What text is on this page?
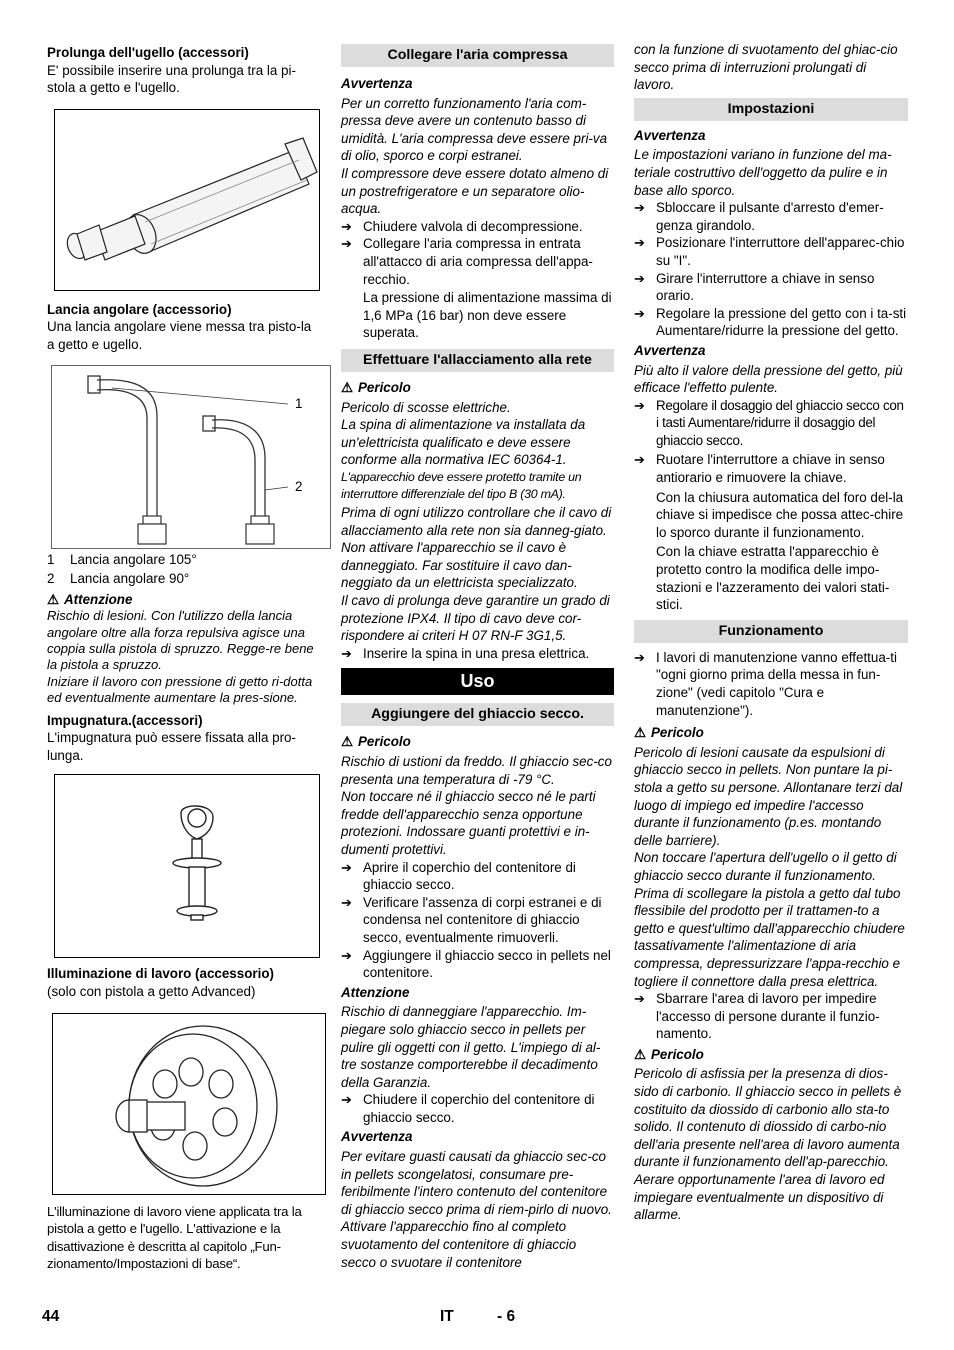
Prolunga dell'ugello (accessori)

E' possibile inserire una prolunga tra la pi-stola a getto e l'ugello.

Lancia angolare (accessorio)

Una lancia angolare viene messa tra pisto-la a getto e ugello.

1
2
1	Lancia angolare 105°
2	Lancia angolare 90°

⚠ Attenzione

Rischio di lesioni. Con l'utilizzo della lancia angolare oltre alla forza repulsiva agisce una coppia sulla pistola di spruzzo. Regge-re bene la pistola a spruzzo.

Iniziare il lavoro con pressione di getto ri-dotta ed eventualmente aumentare la pres-sione.

Impugnatura.(accessori)

L'impugnatura può essere fissata alla pro-lunga.

Illuminazione di lavoro (accessorio)

(solo con pistola a getto Advanced)

L'illuminazione di lavoro viene applicata tra la pistola a getto e l'ugello. L'attivazione e la disattivazione è descritta al capitolo „Fun-zionamento/Impostazioni di base“.

Collegare l'aria compressa

Avvertenza

Per un corretto funzionamento l'aria com-pressa deve avere un contenuto basso di umidità. L'aria compressa deve essere pri-va di olio, sporco e corpi estranei.

Il compressore deve essere dotato almeno di un postrefrigeratore e un separatore olio-acqua.

➔ Chiudere valvola di decompressione.
➔ Collegare l'aria compressa in entrata all'attacco di aria compressa dell'appa-recchio.

La pressione di alimentazione massima di 1,6 MPa (16 bar) non deve essere superata.

Effettuare l'allacciamento alla rete

⚠ Pericolo

Pericolo di scosse elettriche.

La spina di alimentazione va installata da un'elettricista qualificato e deve essere conforme alla normativa IEC 60364-1.

L'apparecchio deve essere protetto tramite un interruttore differenziale del tipo B (30 mA).

Prima di ogni utilizzo controllare che il cavo di allacciamento alla rete non sia danneg-giato. Non attivare l'apparecchio se il cavo è danneggiato. Far sostituire il cavo dan-neggiato da un elettricista specializzato.

Il cavo di prolunga deve garantire un grado di protezione IPX4. Il tipo di cavo deve cor-rispondere ai criteri H 07 RN-F 3G1,5.

➔ Inserire la spina in una presa elettrica.

Uso

Aggiungere del ghiaccio secco.

⚠ Pericolo

Rischio di ustioni da freddo. Il ghiaccio sec-co presenta una temperatura di -79 °C.

Non toccare né il ghiaccio secco né le parti fredde dell'apparecchio senza opportune protezioni. Indossare guanti protettivi e in-dumenti protettivi.

➔ Aprire il coperchio del contenitore di ghiaccio secco.
➔ Verificare l'assenza di corpi estranei e di condensa nel contenitore di ghiaccio secco, eventualmente rimuoverli.
➔ Aggiungere il ghiaccio secco in pellets nel contenitore.

Attenzione

Rischio di danneggiare l'apparecchio. Im-piegare solo ghiaccio secco in pellets per pulire gli oggetti con il getto. L'impiego di al-tre sostanze comporterebbe il decadimento della Garanzia.

➔ Chiudere il coperchio del contenitore di ghiaccio secco.

Avvertenza

Per evitare guasti causati da ghiaccio sec-co in pellets scongelatosi, consumare pre-feribilmente l'intero contenuto del contenitore di ghiaccio secco prima di riem-pirlo di nuovo. Attivare l'apparecchio fino al completo svuotamento del contenitore di ghiaccio secco o svuotare il contenitore

con la funzione di svuotamento del ghiac-cio secco prima di interruzioni prolungati di lavoro.

Impostazioni

Avvertenza

Le impostazioni variano in funzione del ma-teriale costruttivo dell'oggetto da pulire e in base allo sporco.

➔ Sbloccare il pulsante d'arresto d'emer-genza girandolo.
➔ Posizionare l'interruttore dell'apparec-chio su "I".
➔ Girare l'interruttore a chiave in senso orario.
➔ Regolare la pressione del getto con i ta-sti Aumentare/ridurre la pressione del getto.

Avvertenza

Più alto il valore della pressione del getto, più efficace l'effetto pulente.

➔ Regolare il dosaggio del ghiaccio secco con i tasti Aumentare/ridurre il dosaggio del ghiaccio secco.
➔ Ruotare l'interruttore a chiave in senso antiorario e rimuovere la chiave.

Con la chiusura automatica del foro del-la chiave si impedisce che possa attec-chire lo sporco durante il funzionamento.

Con la chiave estratta l'apparecchio è protetto contro la modifica delle impo-stazioni e l'azzeramento dei valori stati-stici.

Funzionamento

➔ I lavori di manutenzione vanno effettua-ti "ogni giorno prima della messa in fun-zione" (vedi capitolo "Cura e manutenzione").

⚠ Pericolo

Pericolo di lesioni causate da espulsioni di ghiaccio secco in pellets. Non puntare la pi-stola a getto su persone. Allontanare terzi dal luogo di impiego ed impedire l'accesso durante il funzionamento (p.es. montando delle barriere).

Non toccare l'apertura dell'ugello o il getto di ghiaccio secco durante il funzionamento.

Prima di scollegare la pistola a getto dal tubo flessibile del prodotto per il trattamen-to a getto e quest'ultimo dall'apparecchio chiudere tassativamente l'alimentazione di aria compressa, depressurizzare l'appa-recchio e togliere il connettore dalla presa elettrica.

➔ Sbarrare l'area di lavoro per impedire l'accesso di persone durante il funzio-namento.

⚠ Pericolo

Pericolo di asfissia per la presenza di dios-sido di carbonio. Il ghiaccio secco in pellets è costituito da diossido di carbonio allo sta-to solido. Il contenuto di diossido di carbo-nio dell'aria presente nell'area di lavoro aumenta durante il funzionamento dell'ap-parecchio. Aerare opportunamente l'area di lavoro ed impiegare eventualmente un dispositivo di allarme.

44	IT	- 6
